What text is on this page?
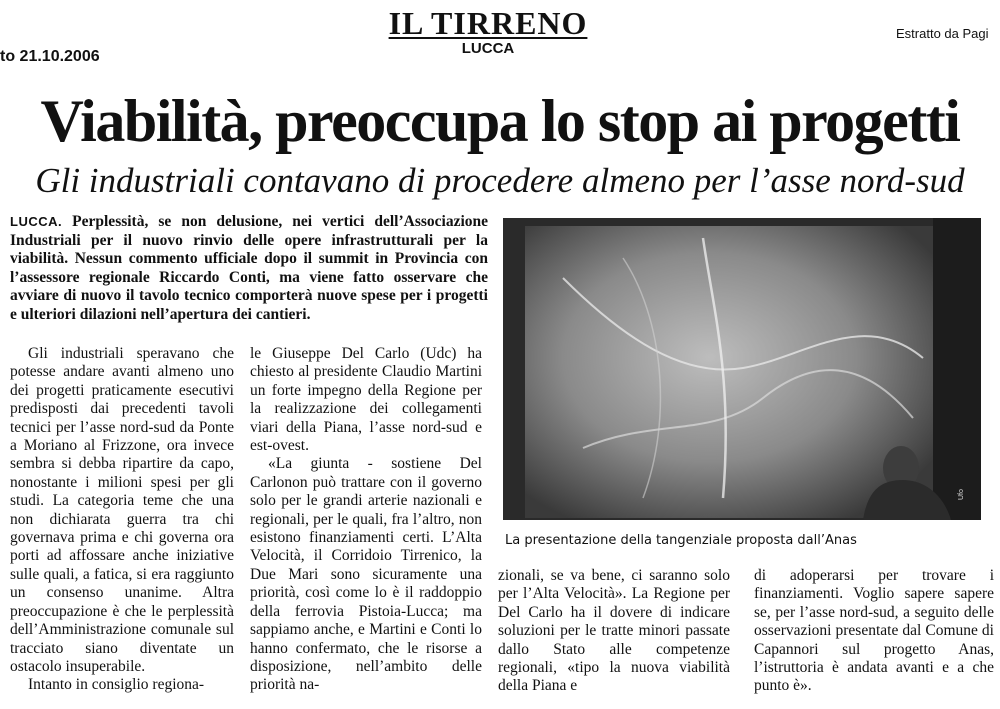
to 21.10.2006
IL TIRRENO
LUCCA
Estratto da Pagi
Viabilità, preoccupa lo stop ai progetti
Gli industriali contavano di procedere almeno per l’asse nord-sud

LUCCA. Perplessità, se non delusione, nei vertici dell’Associazione Industriali per il nuovo rinvio delle opere infrastrutturali per la viabilità. Nessun commento ufficiale dopo il summit in Provincia con l’assessore regionale Riccardo Conti, ma viene fatto osservare che avviare di nuovo il tavolo tecnico comporterà nuove spese per i progetti e ulteriori dilazioni nell’apertura dei cantieri.

Gli industriali speravano che potesse andare avanti almeno uno dei progetti praticamente esecutivi predisposti dai precedenti tavoli tecnici per l’asse nord-sud da Ponte a Moriano al Frizzone, ora invece sembra si debba ripartire da capo, nonostante i milioni spesi per gli studi. La categoria teme che una non dichiarata guerra tra chi governava prima e chi governa ora porti ad affossare anche iniziative sulle quali, a fatica, si era raggiunto un consenso unanime. Altra preoccupazione è che le perplessità dell’Amministrazione comunale sul tracciato siano diventate un ostacolo insuperabile.

Intanto in consiglio regiona-

le Giuseppe Del Carlo (Udc) ha chiesto al presidente Claudio Martini un forte impegno della Regione per la realizzazione dei collegamenti viari della Piana, l’asse nord-sud e est-ovest.

«La giunta - sostiene Del Carlonon può trattare con il governo solo per le grandi arterie nazionali e regionali, per le quali, fra l’altro, non esistono finanziamenti certi. L’Alta Velocità, il Corridoio Tirrenico, la Due Mari sono sicuramente una priorità, così come lo è il raddoppio della ferrovia Pistoia-Lucca; ma sappiamo anche, e Martini e Conti lo hanno confermato, che le risorse a disposizione, nell’ambito delle priorità na-

Ufo
La presentazione della tangenziale proposta dall’Anas

zionali, se va bene, ci saranno solo per l’Alta Velocità». La Regione per Del Carlo ha il dovere di indicare soluzioni per le tratte minori passate dallo Stato alle competenze regionali, «tipo la nuova viabilità della Piana e

di adoperarsi per trovare i finanziamenti. Voglio sapere sapere se, per l’asse nord-sud, a seguito delle osservazioni presentate dal Comune di Capannori sul progetto Anas, l’istruttoria è andata avanti e a che punto è».
